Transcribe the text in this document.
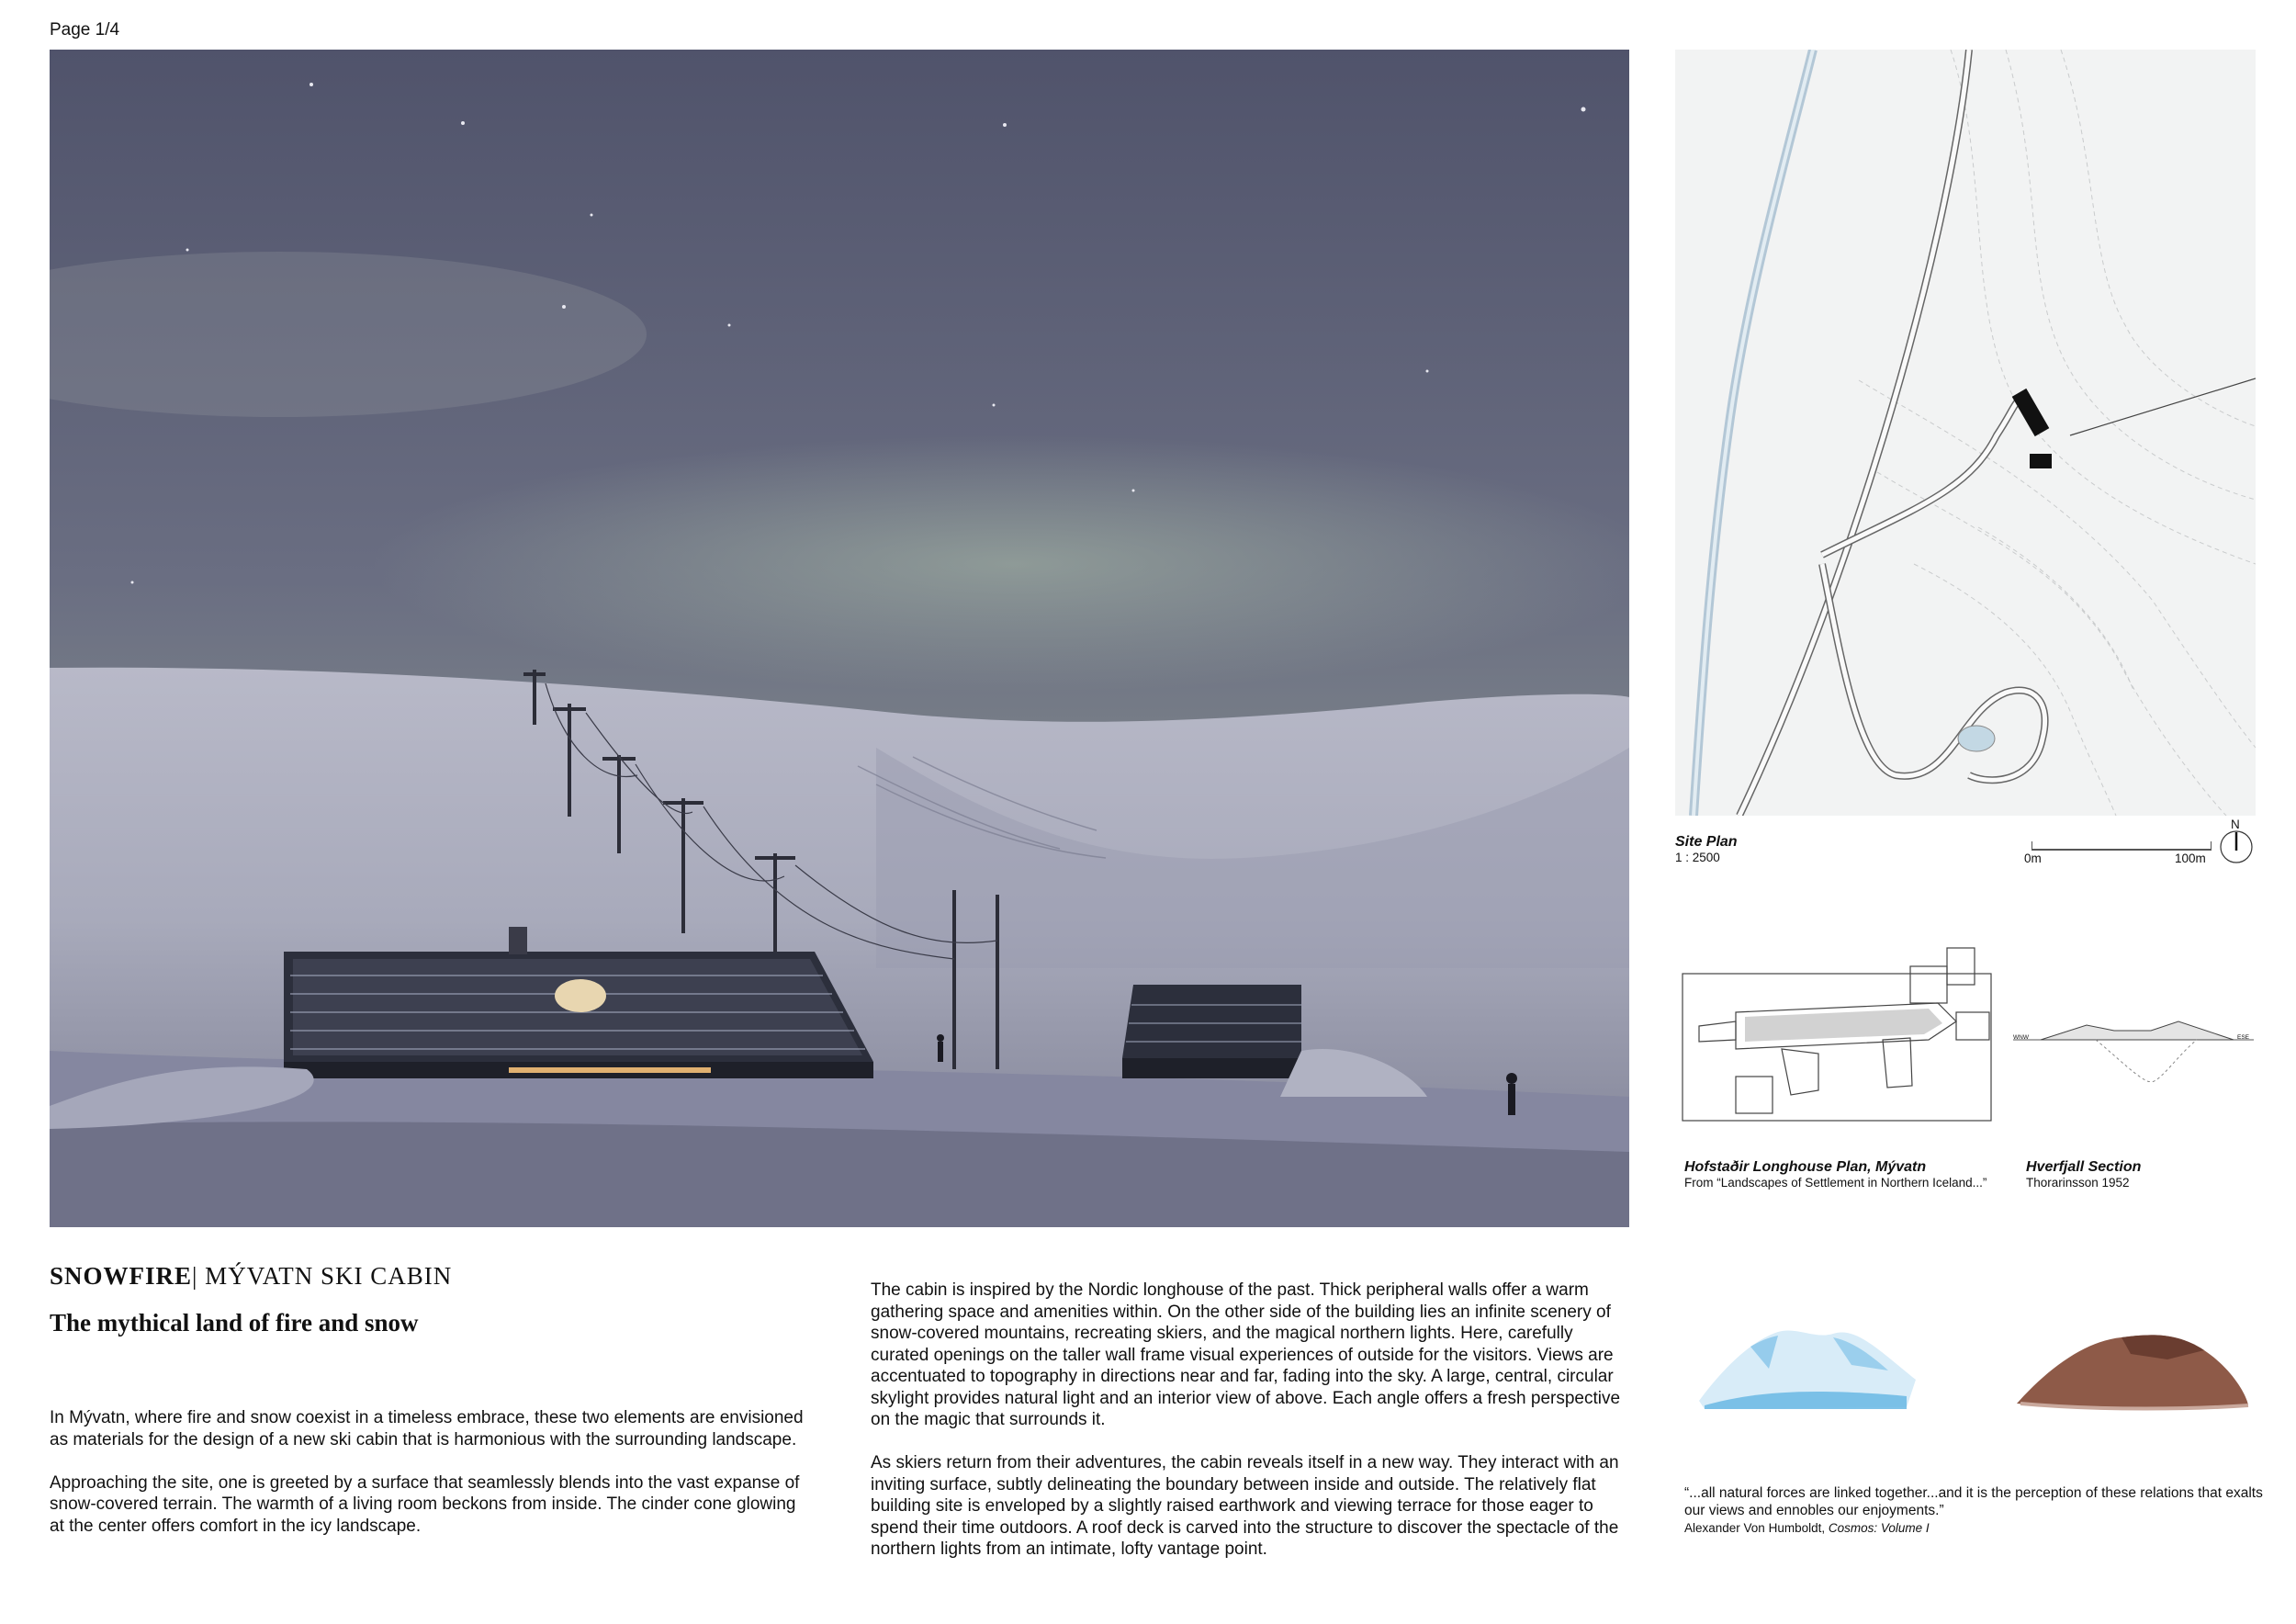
Page 1/4
SNOWFIRE| MÝVATN SKI CABIN
The mythical land of fire and snow

In Mývatn, where fire and snow coexist in a timeless embrace, these two elements are envisioned as materials for the design of a new ski cabin that is harmonious with the surrounding landscape.

Approaching the site, one is greeted by a surface that seamlessly blends into the vast expanse of snow-covered terrain. The warmth of a living room beckons from inside. The cinder cone glowing at the center offers comfort in the icy landscape.

The cabin is inspired by the Nordic longhouse of the past. Thick peripheral walls offer a warm gathering space and amenities within. On the other side of the building lies an infinite scenery of snow-covered mountains, recreating skiers, and the magical northern lights. Here, carefully curated openings on the taller wall frame visual experiences of outside for the visitors. Views are accentuated to topography in directions near and far, fading into the sky. A large, central, circular skylight provides natural light and an interior view of above. Each angle offers a fresh perspective on the magic that surrounds it.

As skiers return from their adventures, the cabin reveals itself in a new way. They interact with an inviting surface, subtly delineating the boundary between inside and outside. The relatively flat building site is enveloped by a slightly raised earthwork and viewing terrace for those eager to spend their time outdoors. A roof deck is carved into the structure to discover the spectacle of the northern lights from an intimate, lofty vantage point.

Site Plan
1 : 2500	0m	100m
N
Hofstaðir Longhouse Plan, Mývatn
From “Landscapes of Settlement in Northern Iceland...”
WNW	ESE
Hverfjall Section
Thorarinsson 1952
“...all natural forces are linked together...and it is the perception of these relations that exalts our views and ennobles our enjoyments.”
Alexander Von Humboldt, Cosmos: Volume I
